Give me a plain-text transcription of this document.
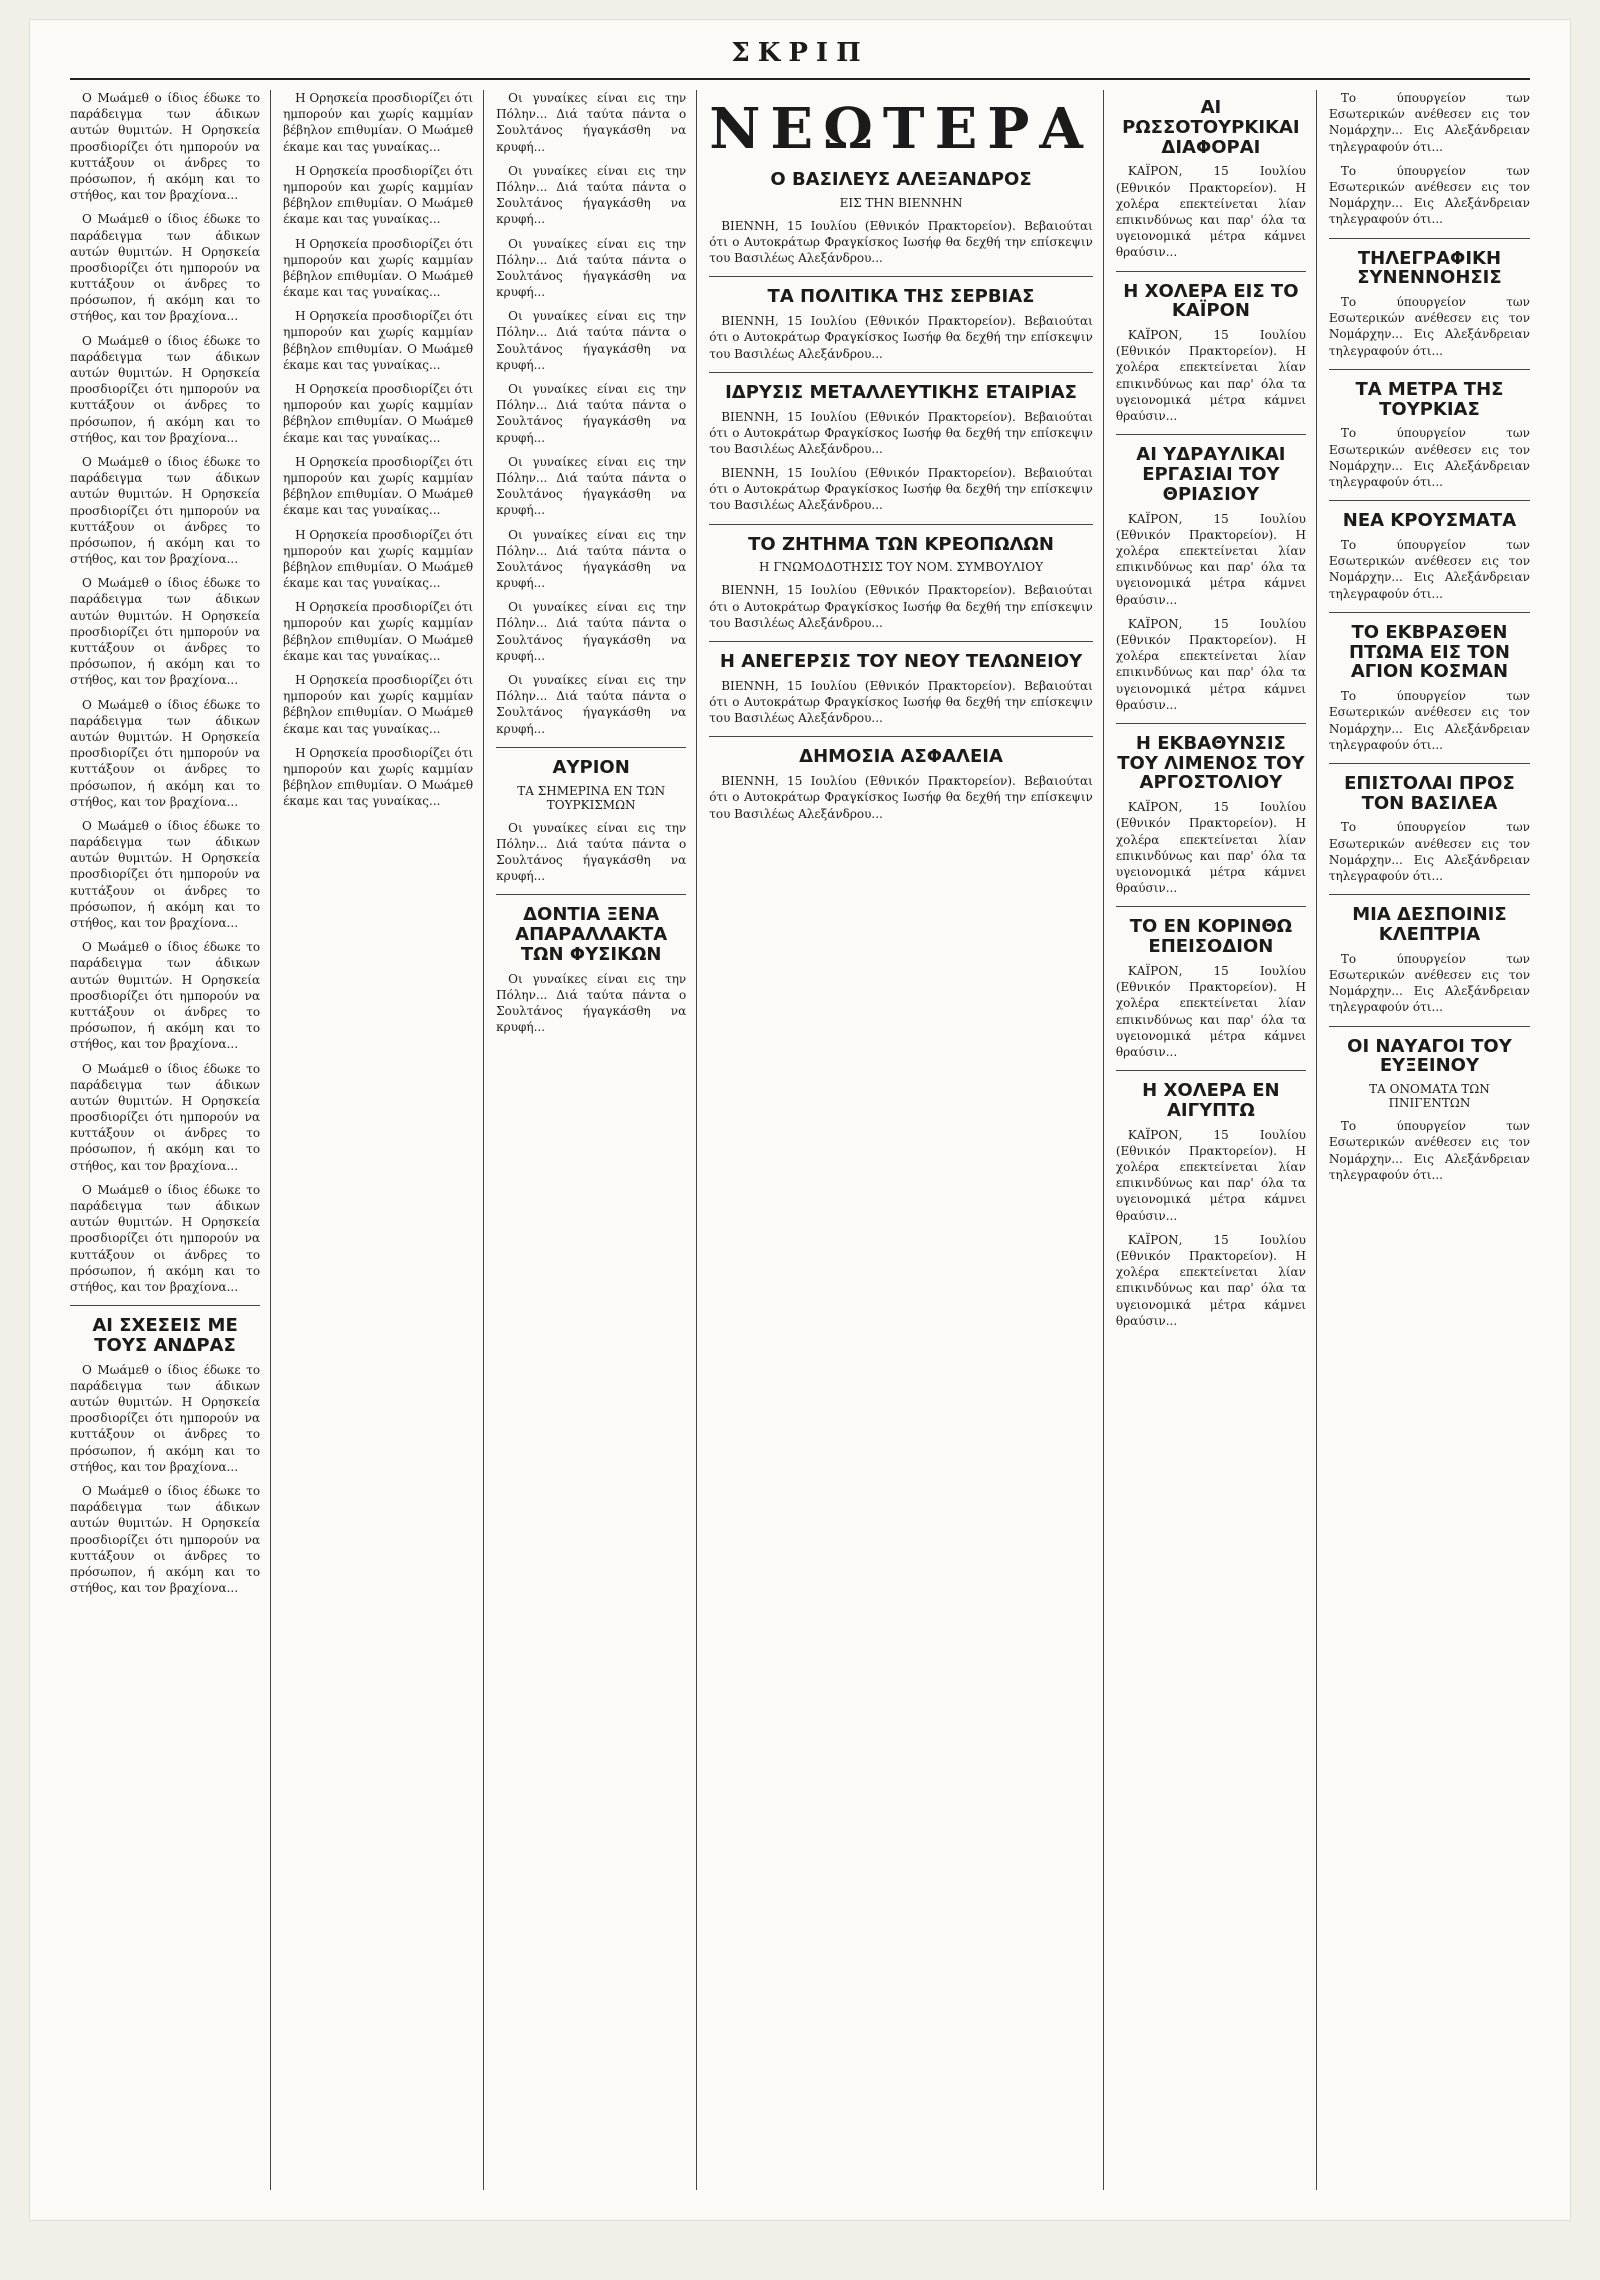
ΣΚΡΙΠ

Ο Μωάμεθ ο ίδιος έδωκε το παράδειγμα των άδικων αυτών θυμιτών. Η Ορησκεία προσδιορίζει ότι ημπορούν να κυττάξουν οι άνδρες το πρόσωπον, ή ακόμη και το στήθος, και τον βραχίονα...

Ο Μωάμεθ ο ίδιος έδωκε το παράδειγμα των άδικων αυτών θυμιτών. Η Ορησκεία προσδιορίζει ότι ημπορούν να κυττάξουν οι άνδρες το πρόσωπον, ή ακόμη και το στήθος, και τον βραχίονα...

Ο Μωάμεθ ο ίδιος έδωκε το παράδειγμα των άδικων αυτών θυμιτών. Η Ορησκεία προσδιορίζει ότι ημπορούν να κυττάξουν οι άνδρες το πρόσωπον, ή ακόμη και το στήθος, και τον βραχίονα...

Ο Μωάμεθ ο ίδιος έδωκε το παράδειγμα των άδικων αυτών θυμιτών. Η Ορησκεία προσδιορίζει ότι ημπορούν να κυττάξουν οι άνδρες το πρόσωπον, ή ακόμη και το στήθος, και τον βραχίονα...

Ο Μωάμεθ ο ίδιος έδωκε το παράδειγμα των άδικων αυτών θυμιτών. Η Ορησκεία προσδιορίζει ότι ημπορούν να κυττάξουν οι άνδρες το πρόσωπον, ή ακόμη και το στήθος, και τον βραχίονα...

Ο Μωάμεθ ο ίδιος έδωκε το παράδειγμα των άδικων αυτών θυμιτών. Η Ορησκεία προσδιορίζει ότι ημπορούν να κυττάξουν οι άνδρες το πρόσωπον, ή ακόμη και το στήθος, και τον βραχίονα...

Ο Μωάμεθ ο ίδιος έδωκε το παράδειγμα των άδικων αυτών θυμιτών. Η Ορησκεία προσδιορίζει ότι ημπορούν να κυττάξουν οι άνδρες το πρόσωπον, ή ακόμη και το στήθος, και τον βραχίονα...

Ο Μωάμεθ ο ίδιος έδωκε το παράδειγμα των άδικων αυτών θυμιτών. Η Ορησκεία προσδιορίζει ότι ημπορούν να κυττάξουν οι άνδρες το πρόσωπον, ή ακόμη και το στήθος, και τον βραχίονα...

Ο Μωάμεθ ο ίδιος έδωκε το παράδειγμα των άδικων αυτών θυμιτών. Η Ορησκεία προσδιορίζει ότι ημπορούν να κυττάξουν οι άνδρες το πρόσωπον, ή ακόμη και το στήθος, και τον βραχίονα...

Ο Μωάμεθ ο ίδιος έδωκε το παράδειγμα των άδικων αυτών θυμιτών. Η Ορησκεία προσδιορίζει ότι ημπορούν να κυττάξουν οι άνδρες το πρόσωπον, ή ακόμη και το στήθος, και τον βραχίονα...

ΑΙ ΣΧΕΣΕΙΣ ΜΕ ΤΟΥΣ ΑΝΔΡΑΣ

Ο Μωάμεθ ο ίδιος έδωκε το παράδειγμα των άδικων αυτών θυμιτών. Η Ορησκεία προσδιορίζει ότι ημπορούν να κυττάξουν οι άνδρες το πρόσωπον, ή ακόμη και το στήθος, και τον βραχίονα...

Ο Μωάμεθ ο ίδιος έδωκε το παράδειγμα των άδικων αυτών θυμιτών. Η Ορησκεία προσδιορίζει ότι ημπορούν να κυττάξουν οι άνδρες το πρόσωπον, ή ακόμη και το στήθος, και τον βραχίονα...

Η Ορησκεία προσδιορίζει ότι ημπορούν και χωρίς καμμίαν βέβηλον επιθυμίαν. Ο Μωάμεθ έκαμε και τας γυναίκας...

Η Ορησκεία προσδιορίζει ότι ημπορούν και χωρίς καμμίαν βέβηλον επιθυμίαν. Ο Μωάμεθ έκαμε και τας γυναίκας...

Η Ορησκεία προσδιορίζει ότι ημπορούν και χωρίς καμμίαν βέβηλον επιθυμίαν. Ο Μωάμεθ έκαμε και τας γυναίκας...

Η Ορησκεία προσδιορίζει ότι ημπορούν και χωρίς καμμίαν βέβηλον επιθυμίαν. Ο Μωάμεθ έκαμε και τας γυναίκας...

Η Ορησκεία προσδιορίζει ότι ημπορούν και χωρίς καμμίαν βέβηλον επιθυμίαν. Ο Μωάμεθ έκαμε και τας γυναίκας...

Η Ορησκεία προσδιορίζει ότι ημπορούν και χωρίς καμμίαν βέβηλον επιθυμίαν. Ο Μωάμεθ έκαμε και τας γυναίκας...

Η Ορησκεία προσδιορίζει ότι ημπορούν και χωρίς καμμίαν βέβηλον επιθυμίαν. Ο Μωάμεθ έκαμε και τας γυναίκας...

Η Ορησκεία προσδιορίζει ότι ημπορούν και χωρίς καμμίαν βέβηλον επιθυμίαν. Ο Μωάμεθ έκαμε και τας γυναίκας...

Η Ορησκεία προσδιορίζει ότι ημπορούν και χωρίς καμμίαν βέβηλον επιθυμίαν. Ο Μωάμεθ έκαμε και τας γυναίκας...

Η Ορησκεία προσδιορίζει ότι ημπορούν και χωρίς καμμίαν βέβηλον επιθυμίαν. Ο Μωάμεθ έκαμε και τας γυναίκας...

Οι γυναίκες είναι εις την Πόλην... Διά ταύτα πάντα ο Σουλτάνος ήγαγκάσθη να κρυφή...

Οι γυναίκες είναι εις την Πόλην... Διά ταύτα πάντα ο Σουλτάνος ήγαγκάσθη να κρυφή...

Οι γυναίκες είναι εις την Πόλην... Διά ταύτα πάντα ο Σουλτάνος ήγαγκάσθη να κρυφή...

Οι γυναίκες είναι εις την Πόλην... Διά ταύτα πάντα ο Σουλτάνος ήγαγκάσθη να κρυφή...

Οι γυναίκες είναι εις την Πόλην... Διά ταύτα πάντα ο Σουλτάνος ήγαγκάσθη να κρυφή...

Οι γυναίκες είναι εις την Πόλην... Διά ταύτα πάντα ο Σουλτάνος ήγαγκάσθη να κρυφή...

Οι γυναίκες είναι εις την Πόλην... Διά ταύτα πάντα ο Σουλτάνος ήγαγκάσθη να κρυφή...

Οι γυναίκες είναι εις την Πόλην... Διά ταύτα πάντα ο Σουλτάνος ήγαγκάσθη να κρυφή...

Οι γυναίκες είναι εις την Πόλην... Διά ταύτα πάντα ο Σουλτάνος ήγαγκάσθη να κρυφή...

ΑΥΡΙΟΝ
ΤΑ ΣΗΜΕΡΙΝΑ ΕΝ ΤΩΝ ΤΟΥΡΚΙΣΜΩΝ

Οι γυναίκες είναι εις την Πόλην... Διά ταύτα πάντα ο Σουλτάνος ήγαγκάσθη να κρυφή...

ΔΟΝΤΙΑ ΞΕΝΑ ΑΠΑΡΑΛΛΑΚΤΑ ΤΩΝ ΦΥΣΙΚΩΝ

Οι γυναίκες είναι εις την Πόλην... Διά ταύτα πάντα ο Σουλτάνος ήγαγκάσθη να κρυφή...

ΝΕΩΤΕΡΑ
Ο ΒΑΣΙΛΕΥΣ ΑΛΕΞΑΝΔΡΟΣ
ΕΙΣ ΤΗΝ ΒΙΕΝΝΗΝ

ΒΙΕΝΝΗ, 15 Ιουλίου (Εθνικόν Πρακτορείον). Βεβαιούται ότι ο Αυτοκράτωρ Φραγκίσκος Ιωσήφ θα δεχθή την επίσκεψιν του Βασιλέως Αλεξάνδρου...

ΤΑ ΠΟΛΙΤΙΚΑ ΤΗΣ ΣΕΡΒΙΑΣ

ΒΙΕΝΝΗ, 15 Ιουλίου (Εθνικόν Πρακτορείον). Βεβαιούται ότι ο Αυτοκράτωρ Φραγκίσκος Ιωσήφ θα δεχθή την επίσκεψιν του Βασιλέως Αλεξάνδρου...

ΙΔΡΥΣΙΣ ΜΕΤΑΛΛΕΥΤΙΚΗΣ ΕΤΑΙΡΙΑΣ

ΒΙΕΝΝΗ, 15 Ιουλίου (Εθνικόν Πρακτορείον). Βεβαιούται ότι ο Αυτοκράτωρ Φραγκίσκος Ιωσήφ θα δεχθή την επίσκεψιν του Βασιλέως Αλεξάνδρου...

ΒΙΕΝΝΗ, 15 Ιουλίου (Εθνικόν Πρακτορείον). Βεβαιούται ότι ο Αυτοκράτωρ Φραγκίσκος Ιωσήφ θα δεχθή την επίσκεψιν του Βασιλέως Αλεξάνδρου...

ΤΟ ΖΗΤΗΜΑ ΤΩΝ ΚΡΕΟΠΩΛΩΝ
Η ΓΝΩΜΟΔΟΤΗΣΙΣ ΤΟΥ ΝΟΜ. ΣΥΜΒΟΥΛΙΟΥ

ΒΙΕΝΝΗ, 15 Ιουλίου (Εθνικόν Πρακτορείον). Βεβαιούται ότι ο Αυτοκράτωρ Φραγκίσκος Ιωσήφ θα δεχθή την επίσκεψιν του Βασιλέως Αλεξάνδρου...

Η ΑΝΕΓΕΡΣΙΣ ΤΟΥ ΝΕΟΥ ΤΕΛΩΝΕΙΟΥ

ΒΙΕΝΝΗ, 15 Ιουλίου (Εθνικόν Πρακτορείον). Βεβαιούται ότι ο Αυτοκράτωρ Φραγκίσκος Ιωσήφ θα δεχθή την επίσκεψιν του Βασιλέως Αλεξάνδρου...

ΔΗΜΟΣΙΑ ΑΣΦΑΛΕΙΑ

ΒΙΕΝΝΗ, 15 Ιουλίου (Εθνικόν Πρακτορείον). Βεβαιούται ότι ο Αυτοκράτωρ Φραγκίσκος Ιωσήφ θα δεχθή την επίσκεψιν του Βασιλέως Αλεξάνδρου...

ΑΙ ΡΩΣΣΟΤΟΥΡΚΙΚΑΙ ΔΙΑΦΟΡΑΙ

ΚΑΪΡΟΝ, 15 Ιουλίου (Εθνικόν Πρακτορείον). Η χολέρα επεκτείνεται λίαν επικινδύνως και παρ' όλα τα υγειονομικά μέτρα κάμνει θραύσιν...

Η ΧΟΛΕΡΑ ΕΙΣ ΤΟ ΚΑΪΡΟΝ

ΚΑΪΡΟΝ, 15 Ιουλίου (Εθνικόν Πρακτορείον). Η χολέρα επεκτείνεται λίαν επικινδύνως και παρ' όλα τα υγειονομικά μέτρα κάμνει θραύσιν...

ΑΙ ΥΔΡΑΥΛΙΚΑΙ ΕΡΓΑΣΙΑΙ ΤΟΥ ΘΡΙΑΣΙΟΥ

ΚΑΪΡΟΝ, 15 Ιουλίου (Εθνικόν Πρακτορείον). Η χολέρα επεκτείνεται λίαν επικινδύνως και παρ' όλα τα υγειονομικά μέτρα κάμνει θραύσιν...

ΚΑΪΡΟΝ, 15 Ιουλίου (Εθνικόν Πρακτορείον). Η χολέρα επεκτείνεται λίαν επικινδύνως και παρ' όλα τα υγειονομικά μέτρα κάμνει θραύσιν...

Η ΕΚΒΑΘΥΝΣΙΣ ΤΟΥ ΛΙΜΕΝΟΣ ΤΟΥ ΑΡΓΟΣΤΟΛΙΟΥ

ΚΑΪΡΟΝ, 15 Ιουλίου (Εθνικόν Πρακτορείον). Η χολέρα επεκτείνεται λίαν επικινδύνως και παρ' όλα τα υγειονομικά μέτρα κάμνει θραύσιν...

ΤΟ ΕΝ ΚΟΡΙΝΘΩ ΕΠΕΙΣΟΔΙΟΝ

ΚΑΪΡΟΝ, 15 Ιουλίου (Εθνικόν Πρακτορείον). Η χολέρα επεκτείνεται λίαν επικινδύνως και παρ' όλα τα υγειονομικά μέτρα κάμνει θραύσιν...

Η ΧΟΛΕΡΑ ΕΝ ΑΙΓΥΠΤΩ

ΚΑΪΡΟΝ, 15 Ιουλίου (Εθνικόν Πρακτορείον). Η χολέρα επεκτείνεται λίαν επικινδύνως και παρ' όλα τα υγειονομικά μέτρα κάμνει θραύσιν...

ΚΑΪΡΟΝ, 15 Ιουλίου (Εθνικόν Πρακτορείον). Η χολέρα επεκτείνεται λίαν επικινδύνως και παρ' όλα τα υγειονομικά μέτρα κάμνει θραύσιν...

Το ύπουργείον των Εσωτερικών ανέθεσεν εις τον Νομάρχην... Εις Αλεξάνδρειαν τηλεγραφούν ότι...

Το ύπουργείον των Εσωτερικών ανέθεσεν εις τον Νομάρχην... Εις Αλεξάνδρειαν τηλεγραφούν ότι...

ΤΗΛΕΓΡΑΦΙΚΗ ΣΥΝΕΝΝΟΗΣΙΣ

Το ύπουργείον των Εσωτερικών ανέθεσεν εις τον Νομάρχην... Εις Αλεξάνδρειαν τηλεγραφούν ότι...

ΤΑ ΜΕΤΡΑ ΤΗΣ ΤΟΥΡΚΙΑΣ

Το ύπουργείον των Εσωτερικών ανέθεσεν εις τον Νομάρχην... Εις Αλεξάνδρειαν τηλεγραφούν ότι...

ΝΕΑ ΚΡΟΥΣΜΑΤΑ

Το ύπουργείον των Εσωτερικών ανέθεσεν εις τον Νομάρχην... Εις Αλεξάνδρειαν τηλεγραφούν ότι...

ΤΟ ΕΚΒΡΑΣΘΕΝ ΠΤΩΜΑ ΕΙΣ ΤΟΝ ΑΓΙΟΝ ΚΟΣΜΑΝ

Το ύπουργείον των Εσωτερικών ανέθεσεν εις τον Νομάρχην... Εις Αλεξάνδρειαν τηλεγραφούν ότι...

ΕΠΙΣΤΟΛΑΙ ΠΡΟΣ ΤΟΝ ΒΑΣΙΛΕΑ

Το ύπουργείον των Εσωτερικών ανέθεσεν εις τον Νομάρχην... Εις Αλεξάνδρειαν τηλεγραφούν ότι...

ΜΙΑ ΔΕΣΠΟΙΝΙΣ ΚΛΕΠΤΡΙΑ

Το ύπουργείον των Εσωτερικών ανέθεσεν εις τον Νομάρχην... Εις Αλεξάνδρειαν τηλεγραφούν ότι...

ΟΙ ΝΑΥΑΓΟΙ ΤΟΥ ΕΥΞΕΙΝΟΥ
ΤΑ ΟΝΟΜΑΤΑ ΤΩΝ ΠΝΙΓΕΝΤΩΝ

Το ύπουργείον των Εσωτερικών ανέθεσεν εις τον Νομάρχην... Εις Αλεξάνδρειαν τηλεγραφούν ότι...
